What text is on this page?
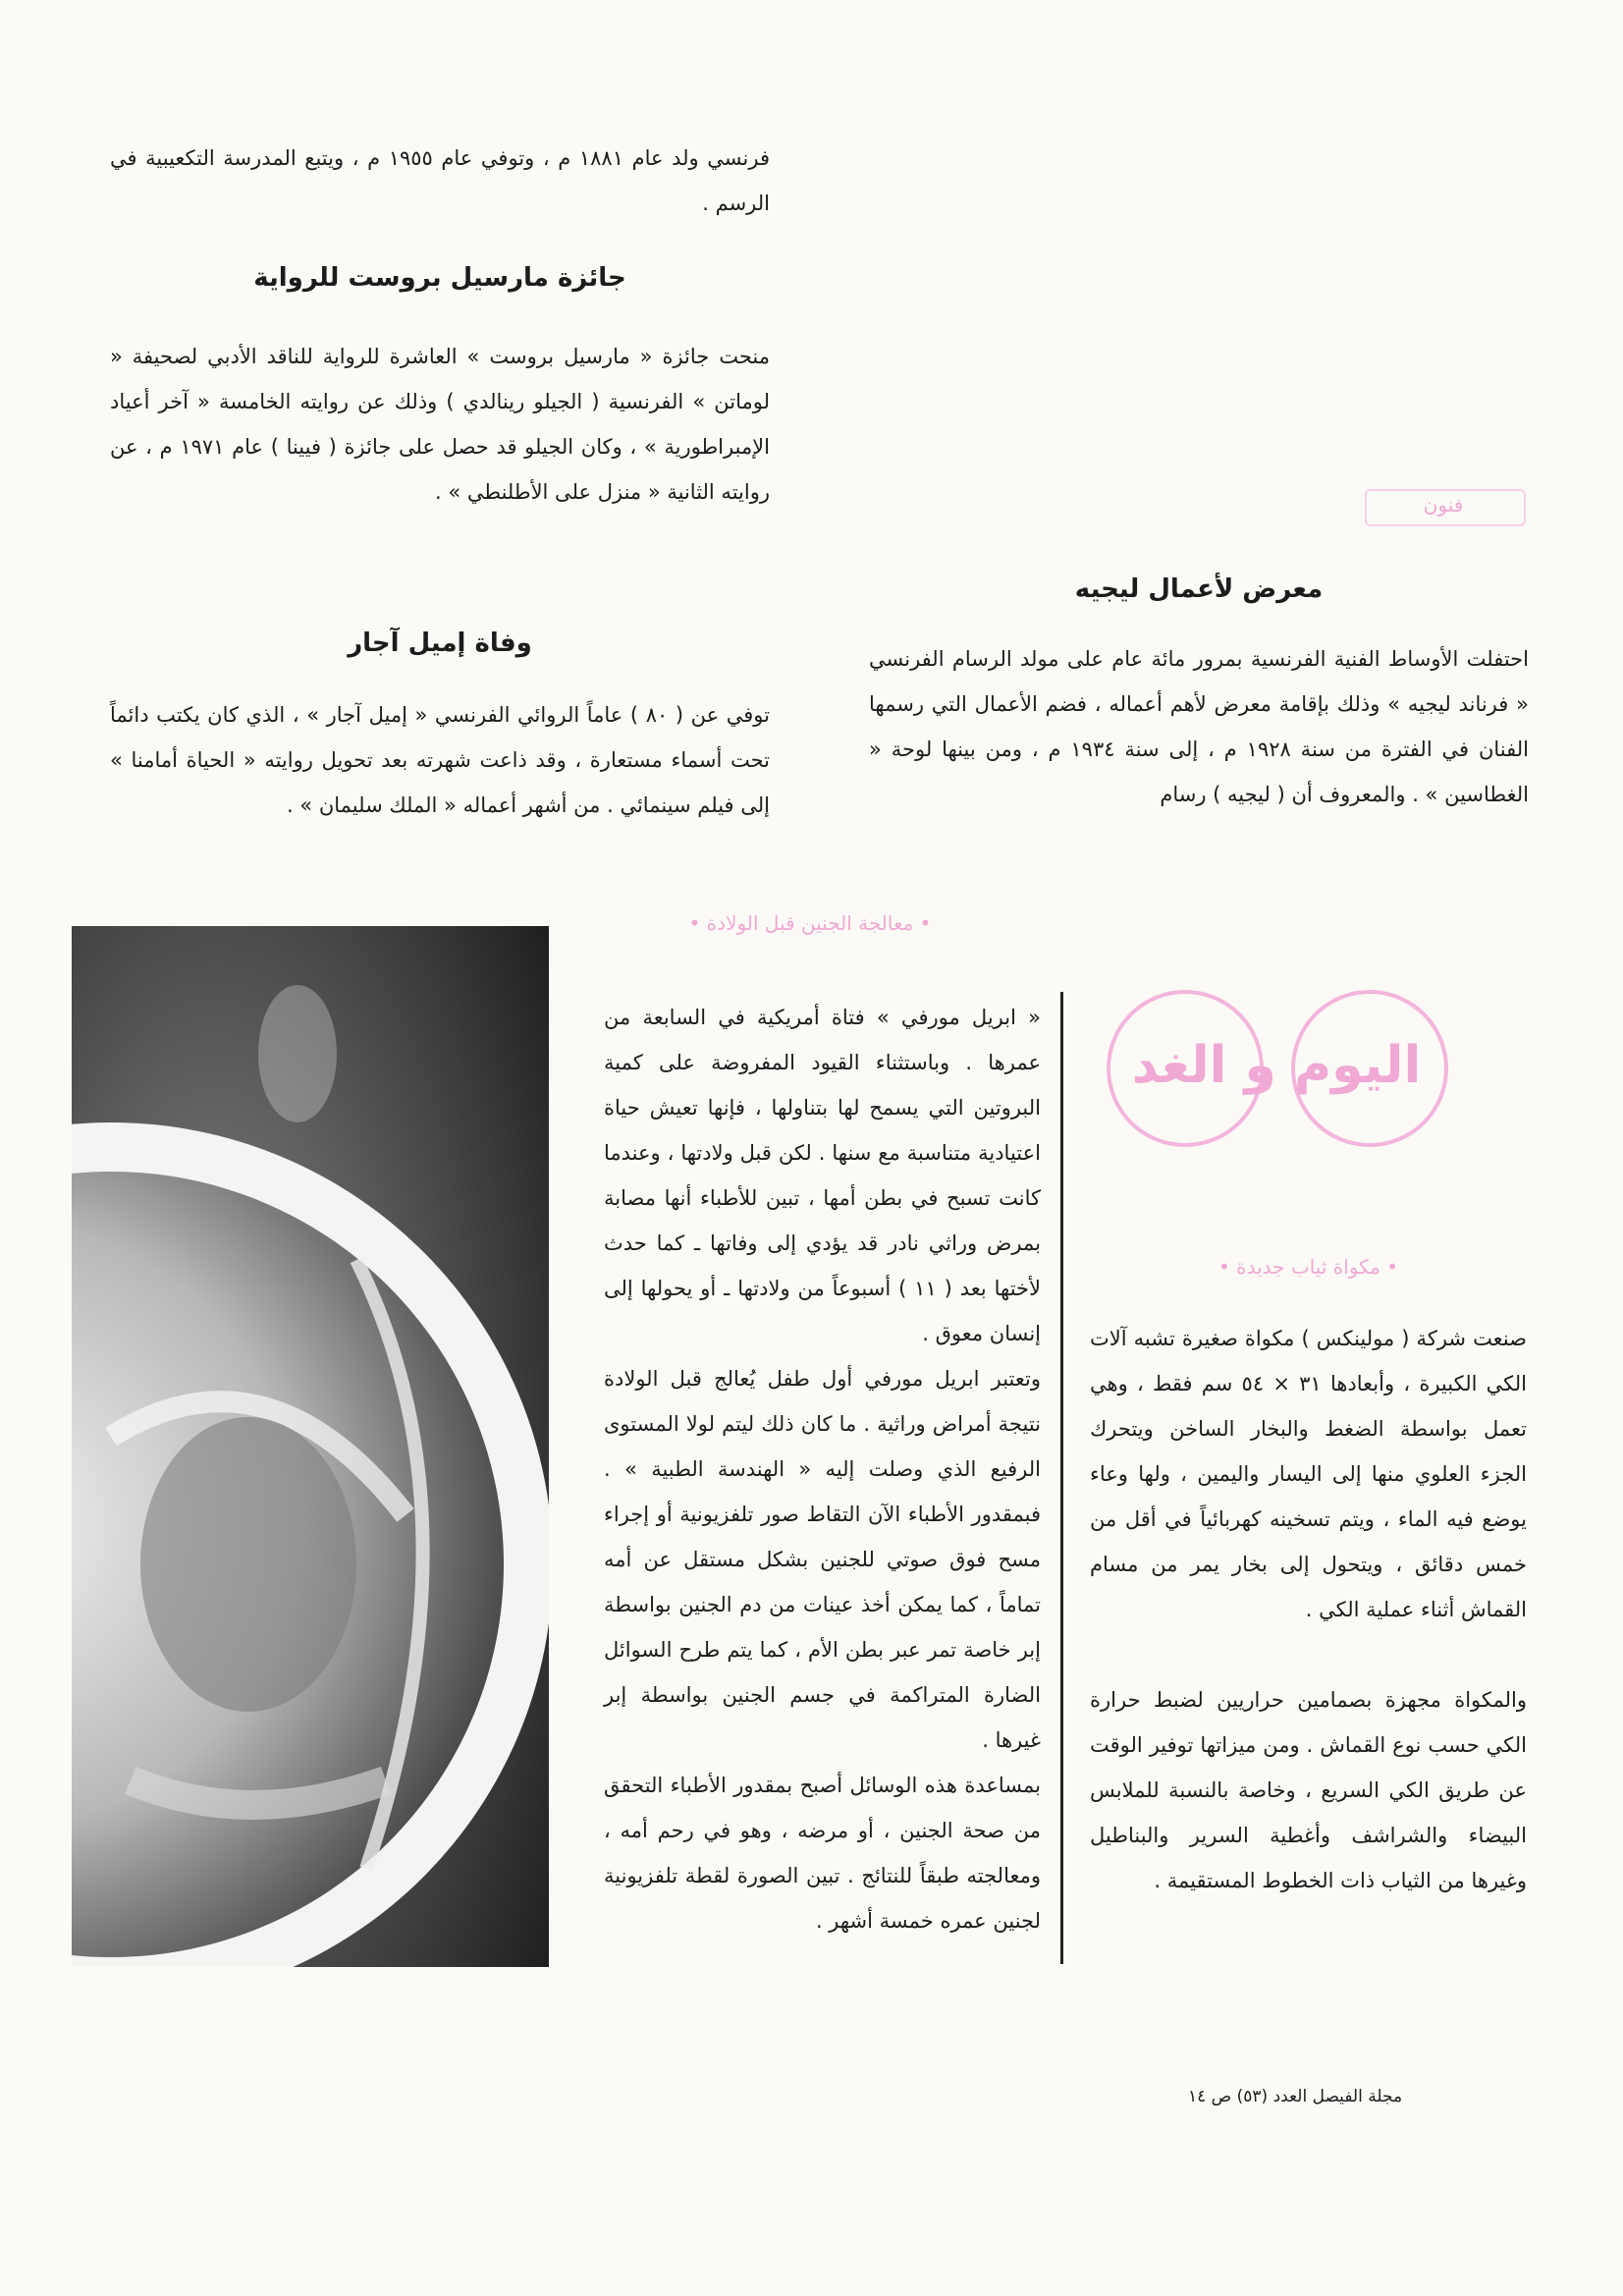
فرنسي ولد عام ١٨٨١ م ، وتوفي عام ١٩٥٥ م ، ويتبع المدرسة التكعيبية في الرسم .

جائزة مارسيل بروست للرواية

منحت جائزة « مارسيل بروست » العاشرة للرواية للناقد الأدبي لصحيفة « لوماتن » الفرنسية ( الجيلو رينالدي ) وذلك عن روايته الخامسة « آخر أعياد الإمبراطورية » ، وكان الجيلو قد حصل على جائزة ( فيينا ) عام ١٩٧١ م ، عن روايته الثانية « منزل على الأطلنطي » .

وفاة إميل آجار

توفي عن ( ٨٠ ) عاماً الروائي الفرنسي « إميل آجار » ، الذي كان يكتب دائماً تحت أسماء مستعارة ، وقد ذاعت شهرته بعد تحويل روايته « الحياة أمامنا » إلى فيلم سينمائي . من أشهر أعماله « الملك سليمان » .

فنون
معرض لأعمال ليجيه

احتفلت الأوساط الفنية الفرنسية بمرور مائة عام على مولد الرسام الفرنسي « فرناند ليجيه » وذلك بإقامة معرض لأهم أعماله ، فضم الأعمال التي رسمها الفنان في الفترة من سنة ١٩٢٨ م ، إلى سنة ١٩٣٤ م ، ومن بينها لوحة « الغطاسين » . والمعروف أن ( ليجيه ) رسام

• معالجة الجنين قبل الولادة •

« ابريل مورفي » فتاة أمريكية في السابعة من عمرها . وباستثناء القيود المفروضة على كمية البروتين التي يسمح لها بتناولها ، فإنها تعيش حياة اعتيادية متناسبة مع سنها . لكن قبل ولادتها ، وعندما كانت تسبح في بطن أمها ، تبين للأطباء أنها مصابة بمرض وراثي نادر قد يؤدي إلى وفاتها ـ كما حدث لأختها بعد ( ١١ ) أسبوعاً من ولادتها ـ أو يحولها إلى إنسان معوق .

وتعتبر ابريل مورفي أول طفل يُعالج قبل الولادة نتيجة أمراض وراثية . ما كان ذلك ليتم لولا المستوى الرفيع الذي وصلت إليه « الهندسة الطبية » . فبمقدور الأطباء الآن التقاط صور تلفزيونية أو إجراء مسح فوق صوتي للجنين بشكل مستقل عن أمه تماماً ، كما يمكن أخذ عينات من دم الجنين بواسطة إبر خاصة تمر عبر بطن الأم ، كما يتم طرح السوائل الضارة المتراكمة في جسم الجنين بواسطة إبر غيرها .

بمساعدة هذه الوسائل أصبح بمقدور الأطباء التحقق من صحة الجنين ، أو مرضه ، وهو في رحم أمه ، ومعالجته طبقاً للنتائج . تبين الصورة لقطة تلفزيونية لجنين عمره خمسة أشهر .

اليوم و الغد
• مكواة ثياب جديدة •

صنعت شركة ( مولينكس ) مكواة صغيرة تشبه آلات الكي الكبيرة ، وأبعادها ٣١ × ٥٤ سم فقط ، وهي تعمل بواسطة الضغط والبخار الساخن ويتحرك الجزء العلوي منها إلى اليسار واليمين ، ولها وعاء يوضع فيه الماء ، ويتم تسخينه كهربائياً في أقل من خمس دقائق ، ويتحول إلى بخار يمر من مسام القماش أثناء عملية الكي .

والمكواة مجهزة بصمامين حراريين لضبط حرارة الكي حسب نوع القماش . ومن ميزاتها توفير الوقت عن طريق الكي السريع ، وخاصة بالنسبة للملابس البيضاء والشراشف وأغطية السرير والبناطيل وغيرها من الثياب ذات الخطوط المستقيمة .

مجلة الفيصل العدد (٥٣) ص ١٤
